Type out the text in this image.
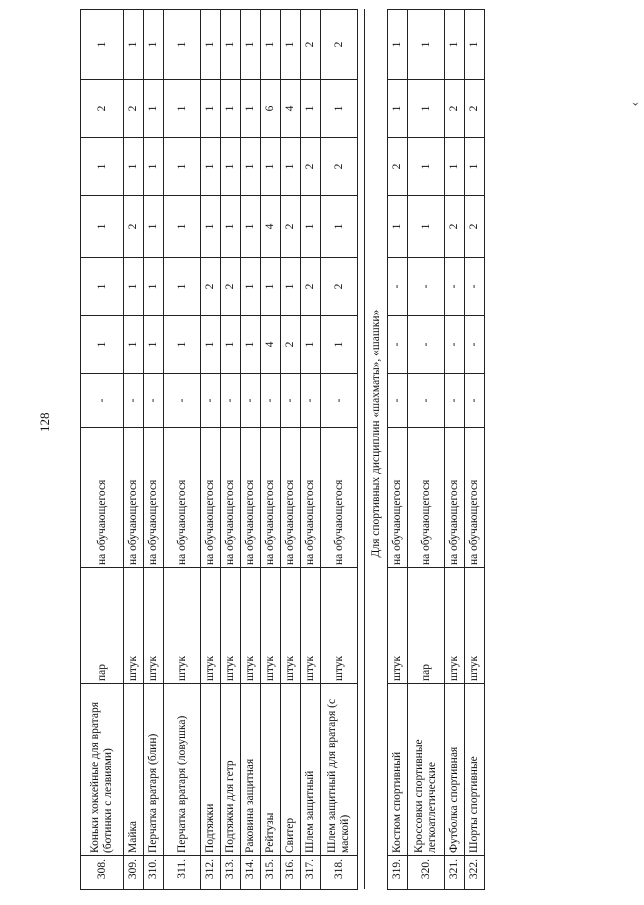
128
‹
308.	Коньки хоккейные для вратаря (ботинки с лезвиями)	пар	на обучающегося	-	1	1	1	1	2	1
309.	Майка	штук	на обучающегося	-	1	1	2	1	2	1
310.	Перчатка вратаря (блин)	штук	на обучающегося	-	1	1	1	1	1	1
311.	Перчатка вратаря (ловушка)	штук	на обучающегося	-	1	1	1	1	1	1
312.	Подтяжки	штук	на обучающегося	-	1	2	1	1	1	1
313.	Подтяжки для гетр	штук	на обучающегося	-	1	2	1	1	1	1
314.	Раковина защитная	штук	на обучающегося	-	1	1	1	1	1	1
315.	Рейтузы	штук	на обучающегося	-	4	1	4	1	6	1
316.	Свитер	штук	на обучающегося	-	2	1	2	1	4	1
317.	Шлем защитный	штук	на обучающегося	-	1	2	1	2	1	2
318.	Шлем защитный для вратаря (с маской)	штук	на обучающегося	-	1	2	1	2	1	2

			Для спортивных дисциплин «шахматы», «шашки»							
319.	Костюм спортивный	штук	на обучающегося	-	-	-	1	2	1	1
320.	Кроссовки спортивные легкоатлетические	пар	на обучающегося	-	-	-	1	1	1	1
321.	Футболка спортивная	штук	на обучающегося	-	-	-	2	1	2	1
322.	Шорты спортивные	штук	на обучающегося	-	-	-	2	1	2	1
